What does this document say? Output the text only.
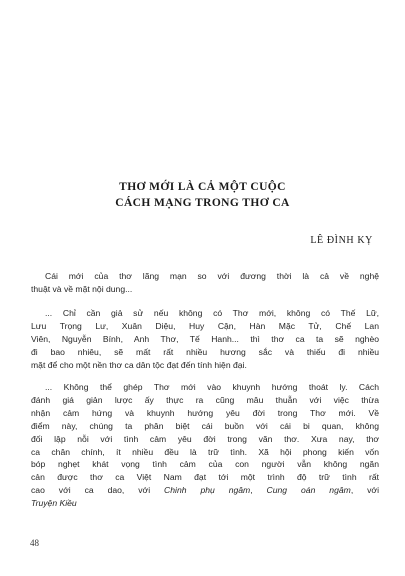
THƠ MỚI LÀ CẢ MỘT CUỘC
CÁCH MẠNG TRONG THƠ CA
LÊ ĐÌNH KỴ
Cái mới của thơ lãng mạn so với đương thời là cả về nghệ
thuật và về mặt nội dung...
... Chỉ cần giả sử nếu không có Thơ mới, không có Thế Lữ,
Lưu Trọng Lư, Xuân Diệu, Huy Cận, Hàn Mặc Tử, Chế Lan
Viên, Nguyễn Bính, Anh Thơ, Tế Hanh... thì thơ ca ta sẽ nghèo
đi bao nhiêu, sẽ mất rất nhiều hương sắc và thiếu đi nhiều
mặt để cho một nền thơ ca dân tộc đạt đến tính hiện đại.
... Không thể ghép Thơ mới vào khuynh hướng thoát ly. Cách
đánh giá giản lược ấy thực ra cũng mâu thuẫn với việc thừa
nhận cảm hứng và khuynh hướng yêu đời trong Thơ mới. Về
điểm này, chúng ta phân biệt cái buồn với cái bi quan, không
đối lập nỗi với tình cảm yêu đời trong văn thơ. Xưa nay, thơ
ca chân chính, ít nhiều đều là trữ tình. Xã hội phong kiến vốn
bóp nghẹt khát vọng tình cảm của con người vẫn không ngăn
cản được thơ ca Việt Nam đạt tới một trình độ trữ tình rất
cao với ca dao, với Chinh phụ ngâm, Cung oán ngâm, với
Truyện Kiều
48
